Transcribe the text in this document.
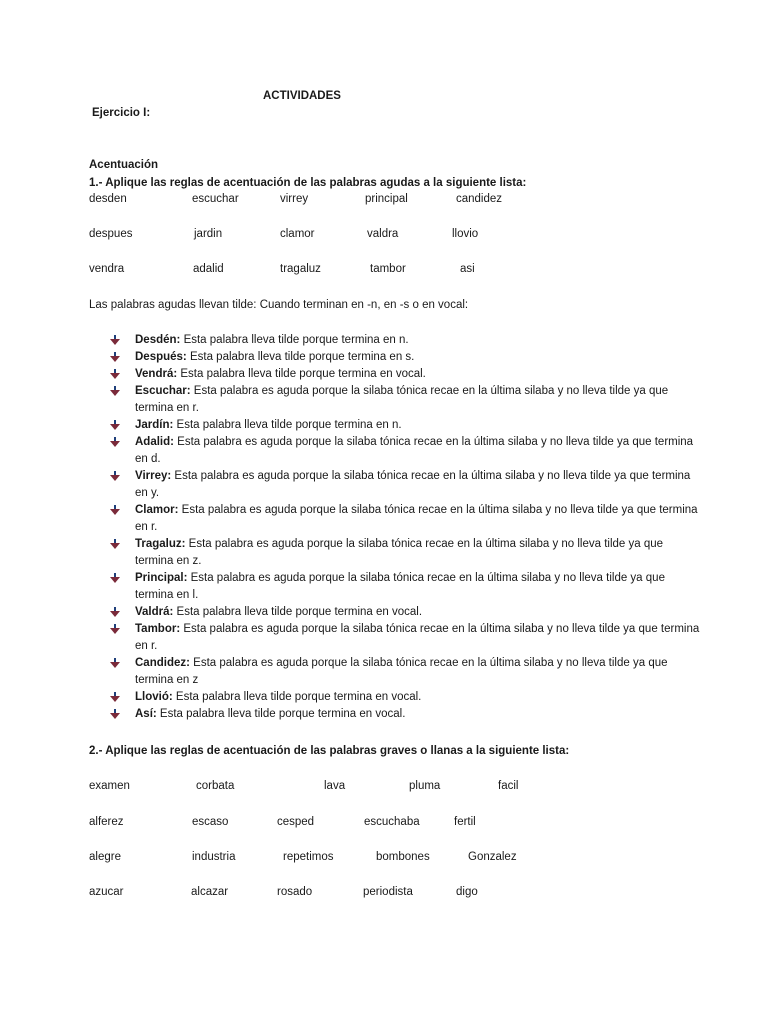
ACTIVIDADES
Ejercicio I:
Acentuación
1.- Aplique las reglas de acentuación de las palabras agudas a la siguiente lista:
desden	escuchar	virrey	principal	candidez
despues	jardin	clamor	valdra	llovio
vendra	adalid	tragaluz	tambor	asi
Las palabras agudas llevan tilde: Cuando terminan en -n, en -s o en vocal:
Desdén: Esta palabra lleva tilde porque termina en n.
Después: Esta palabra lleva tilde porque termina en s.
Vendrá: Esta palabra lleva tilde porque termina en vocal.
Escuchar: Esta palabra es aguda porque la silaba tónica recae en la última silaba y no lleva tilde ya que termina en r.
Jardín: Esta palabra lleva tilde porque termina en n.
Adalid: Esta palabra es aguda porque la silaba tónica recae en la última silaba y no lleva tilde ya que termina en d.
Virrey: Esta palabra es aguda porque la silaba tónica recae en la última silaba y no lleva tilde ya que termina en y.
Clamor: Esta palabra es aguda porque la silaba tónica recae en la última silaba y no lleva tilde ya que termina en r.
Tragaluz: Esta palabra es aguda porque la silaba tónica recae en la última silaba y no lleva tilde ya que termina en z.
Principal: Esta palabra es aguda porque la silaba tónica recae en la última silaba y no lleva tilde ya que termina en l.
Valdrá: Esta palabra lleva tilde porque termina en vocal.
Tambor: Esta palabra es aguda porque la silaba tónica recae en la última silaba y no lleva tilde ya que termina en r.
Candidez: Esta palabra es aguda porque la silaba tónica recae en la última silaba y no lleva tilde ya que termina en z
Llovió: Esta palabra lleva tilde porque termina en vocal.
Así: Esta palabra lleva tilde porque termina en vocal.
2.- Aplique las reglas de acentuación de las palabras graves o llanas a la siguiente lista:
examen	corbata	lava	pluma	facil
alferez	escaso	cesped	escuchaba	fertil
alegre	industria	repetimos	bombones	Gonzalez
azucar	alcazar	rosado	periodista	digo
